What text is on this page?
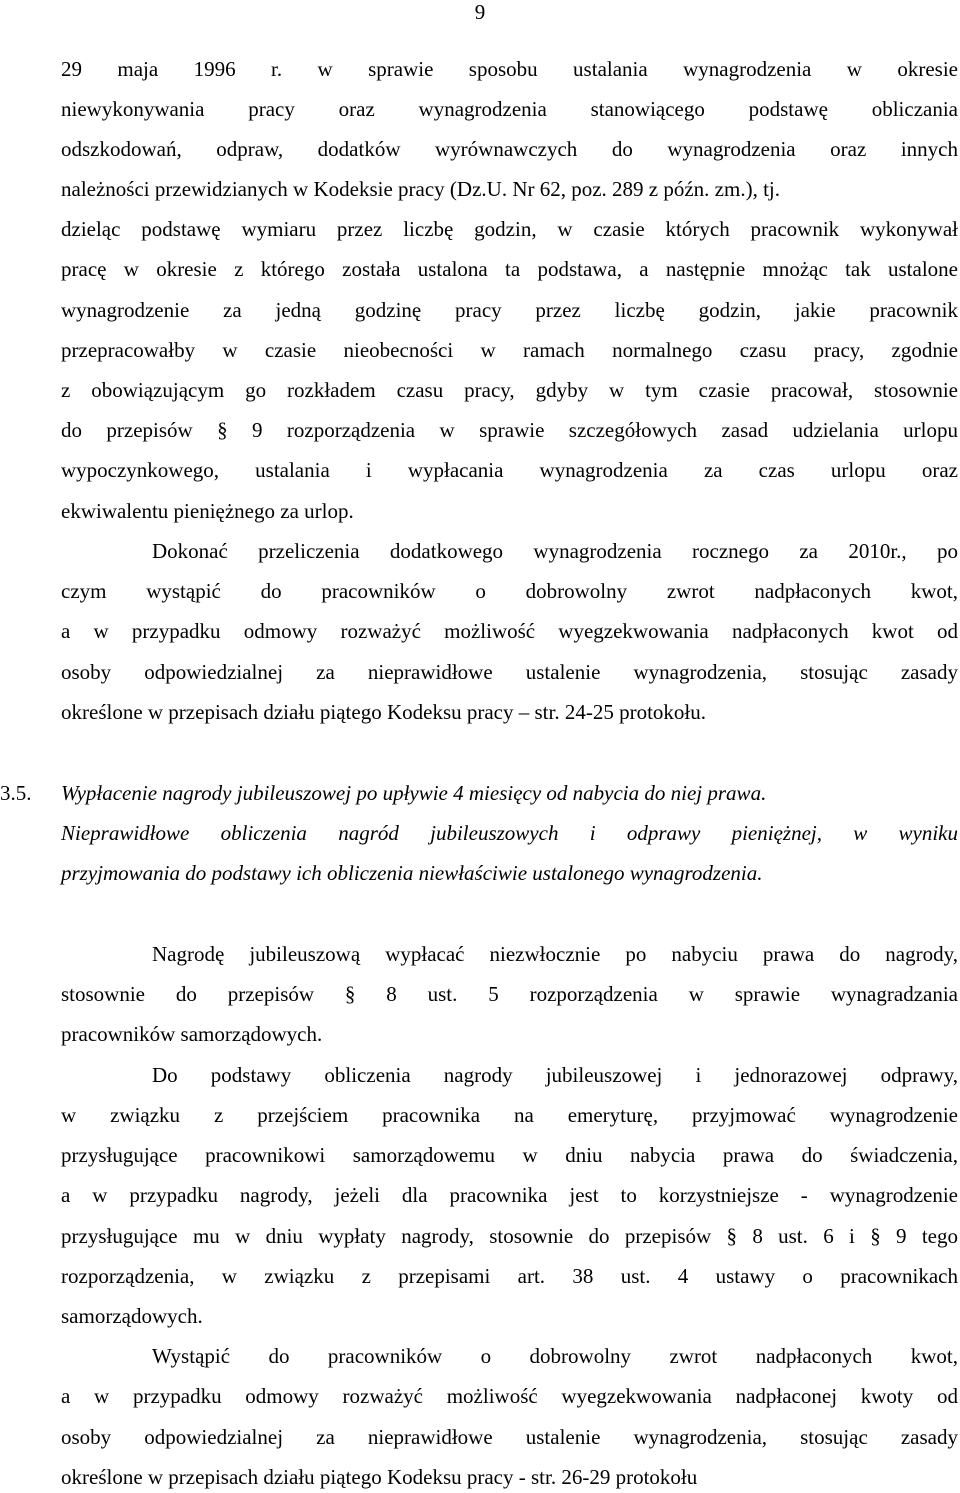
9
29 maja 1996 r. w sprawie sposobu ustalania wynagrodzenia w okresie
niewykonywania pracy oraz wynagrodzenia stanowiącego podstawę obliczania
odszkodowań, odpraw, dodatków wyrównawczych do wynagrodzenia oraz innych
należności przewidzianych w Kodeksie pracy (Dz.U. Nr 62, poz. 289 z późn. zm.), tj.
dzieląc podstawę wymiaru przez liczbę godzin, w czasie których pracownik wykonywał
pracę w okresie z którego została ustalona ta podstawa, a następnie mnożąc tak ustalone
wynagrodzenie za jedną godzinę pracy przez liczbę godzin, jakie pracownik
przepracowałby w czasie nieobecności w ramach normalnego czasu pracy, zgodnie
z obowiązującym go rozkładem czasu pracy, gdyby w tym czasie pracował, stosownie
do przepisów § 9 rozporządzenia w sprawie szczegółowych zasad udzielania urlopu
wypoczynkowego, ustalania i wypłacania wynagrodzenia za czas urlopu oraz
ekwiwalentu pieniężnego za urlop.
Dokonać przeliczenia dodatkowego wynagrodzenia rocznego za 2010r., po
czym wystąpić do pracowników o dobrowolny zwrot nadpłaconych kwot,
a w przypadku odmowy rozważyć możliwość wyegzekwowania nadpłaconych kwot od
osoby odpowiedzialnej za nieprawidłowe ustalenie wynagrodzenia, stosując zasady
określone w przepisach działu piątego Kodeksu pracy – str. 24-25 protokołu.
3.5.	Wypłacenie nagrody jubileuszowej po upływie 4 miesięcy od nabycia do niej prawa.
Nieprawidłowe obliczenia nagród jubileuszowych i odprawy pieniężnej, w wyniku
przyjmowania do podstawy ich obliczenia niewłaściwie ustalonego wynagrodzenia.
Nagrodę jubileuszową wypłacać niezwłocznie po nabyciu prawa do nagrody,
stosownie do przepisów § 8 ust. 5 rozporządzenia w sprawie wynagradzania
pracowników samorządowych.
Do podstawy obliczenia nagrody jubileuszowej i jednorazowej odprawy,
w związku z przejściem pracownika na emeryturę, przyjmować wynagrodzenie
przysługujące pracownikowi samorządowemu w dniu nabycia prawa do świadczenia,
a w przypadku nagrody, jeżeli dla pracownika jest to korzystniejsze - wynagrodzenie
przysługujące mu w dniu wypłaty nagrody, stosownie do przepisów § 8 ust. 6 i § 9 tego
rozporządzenia, w związku z przepisami art. 38 ust. 4 ustawy o pracownikach
samorządowych.
Wystąpić do pracowników o dobrowolny zwrot nadpłaconych kwot,
a w przypadku odmowy rozważyć możliwość wyegzekwowania nadpłaconej kwoty od
osoby odpowiedzialnej za nieprawidłowe ustalenie wynagrodzenia, stosując zasady
określone w przepisach działu piątego Kodeksu pracy - str. 26-29 protokołu
